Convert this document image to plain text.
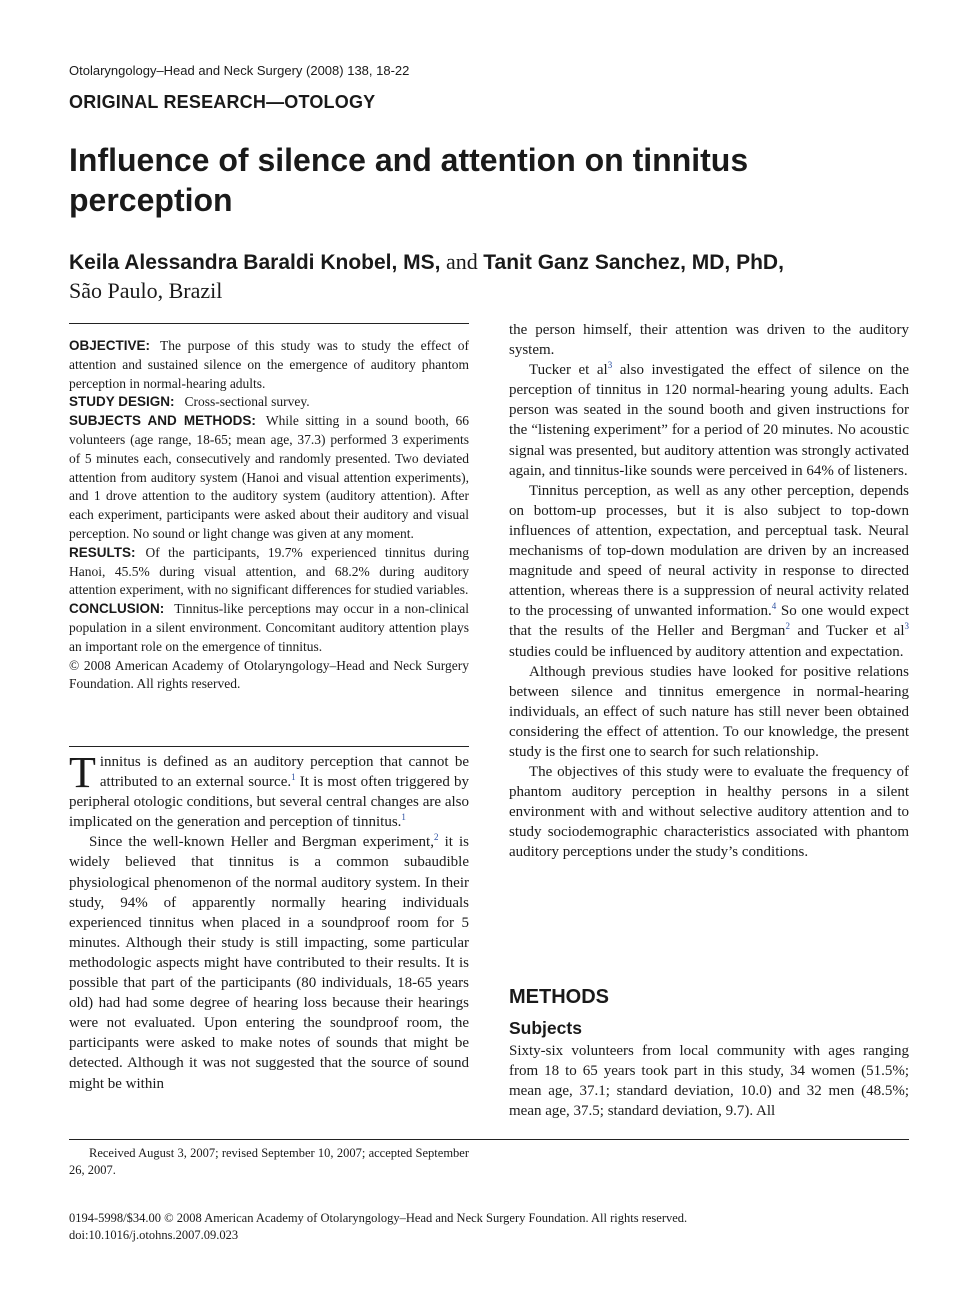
Otolaryngology–Head and Neck Surgery (2008) 138, 18-22
ORIGINAL RESEARCH—OTOLOGY
Influence of silence and attention on tinnitus perception
Keila Alessandra Baraldi Knobel, MS, and Tanit Ganz Sanchez, MD, PhD,
São Paulo, Brazil

OBJECTIVE: The purpose of this study was to study the effect of attention and sustained silence on the emergence of auditory phantom perception in normal-hearing adults.

STUDY DESIGN: Cross-sectional survey.

SUBJECTS AND METHODS: While sitting in a sound booth, 66 volunteers (age range, 18-65; mean age, 37.3) performed 3 experiments of 5 minutes each, consecutively and randomly presented. Two deviated attention from auditory system (Hanoi and visual attention experiments), and 1 drove attention to the auditory system (auditory attention). After each experiment, participants were asked about their auditory and visual perception. No sound or light change was given at any moment.

RESULTS: Of the participants, 19.7% experienced tinnitus during Hanoi, 45.5% during visual attention, and 68.2% during auditory attention experiment, with no significant differences for studied variables.

CONCLUSION: Tinnitus-like perceptions may occur in a non-clinical population in a silent environment. Concomitant auditory attention plays an important role on the emergence of tinnitus.

© 2008 American Academy of Otolaryngology–Head and Neck Surgery Foundation. All rights reserved.

Tinnitus is defined as an auditory perception that cannot be attributed to an external source.$^1$ It is most often triggered by peripheral otologic conditions, but several central changes are also implicated on the generation and perception of tinnitus.$^1$

Since the well-known Heller and Bergman experiment,$^2$ it is widely believed that tinnitus is a common subaudible physiological phenomenon of the normal auditory system. In their study, 94% of apparently normally hearing individuals experienced tinnitus when placed in a soundproof room for 5 minutes. Although their study is still impacting, some particular methodologic aspects might have contributed to their results. It is possible that part of the participants (80 individuals, 18-65 years old) had had some degree of hearing loss because their hearings were not evaluated. Upon entering the soundproof room, the participants were asked to make notes of sounds that might be detected. Although it was not suggested that the source of sound might be within

the person himself, their attention was driven to the auditory system.

Tucker et $al^3$ also investigated the effect of silence on the perception of tinnitus in 120 normal-hearing young adults. Each person was seated in the sound booth and given instructions for the “listening experiment” for a period of 20 minutes. No acoustic signal was presented, but auditory attention was strongly activated again, and tinnitus-like sounds were perceived in 64% of listeners.

Tinnitus perception, as well as any other perception, depends on bottom-up processes, but it is also subject to top-down influences of attention, expectation, and perceptual task. Neural mechanisms of top-down modulation are driven by an increased magnitude and speed of neural activity in response to directed attention, whereas there is a suppression of neural activity related to the processing of unwanted information.$^4$ So one would expect that the results of the Heller and Bergman$^2$ and Tucker et $al^3$ studies could be influenced by auditory attention and expectation.

Although previous studies have looked for positive relations between silence and tinnitus emergence in normal-hearing individuals, an effect of such nature has still never been obtained considering the effect of attention. To our knowledge, the present study is the first one to search for such relationship.

The objectives of this study were to evaluate the frequency of phantom auditory perception in healthy persons in a silent environment with and without selective auditory attention and to study sociodemographic characteristics associated with phantom auditory perceptions under the study’s conditions.

METHODS
Subjects

Sixty-six volunteers from local community with ages ranging from 18 to 65 years took part in this study, 34 women (51.5%; mean age, 37.1; standard deviation, 10.0) and 32 men (48.5%; mean age, 37.5; standard deviation, 9.7). All

Received August 3, 2007; revised September 10, 2007; accepted September 26, 2007.
0194-5998/$34.00 © 2008 American Academy of Otolaryngology–Head and Neck Surgery Foundation. All rights reserved.
doi:10.1016/j.otohns.2007.09.023
